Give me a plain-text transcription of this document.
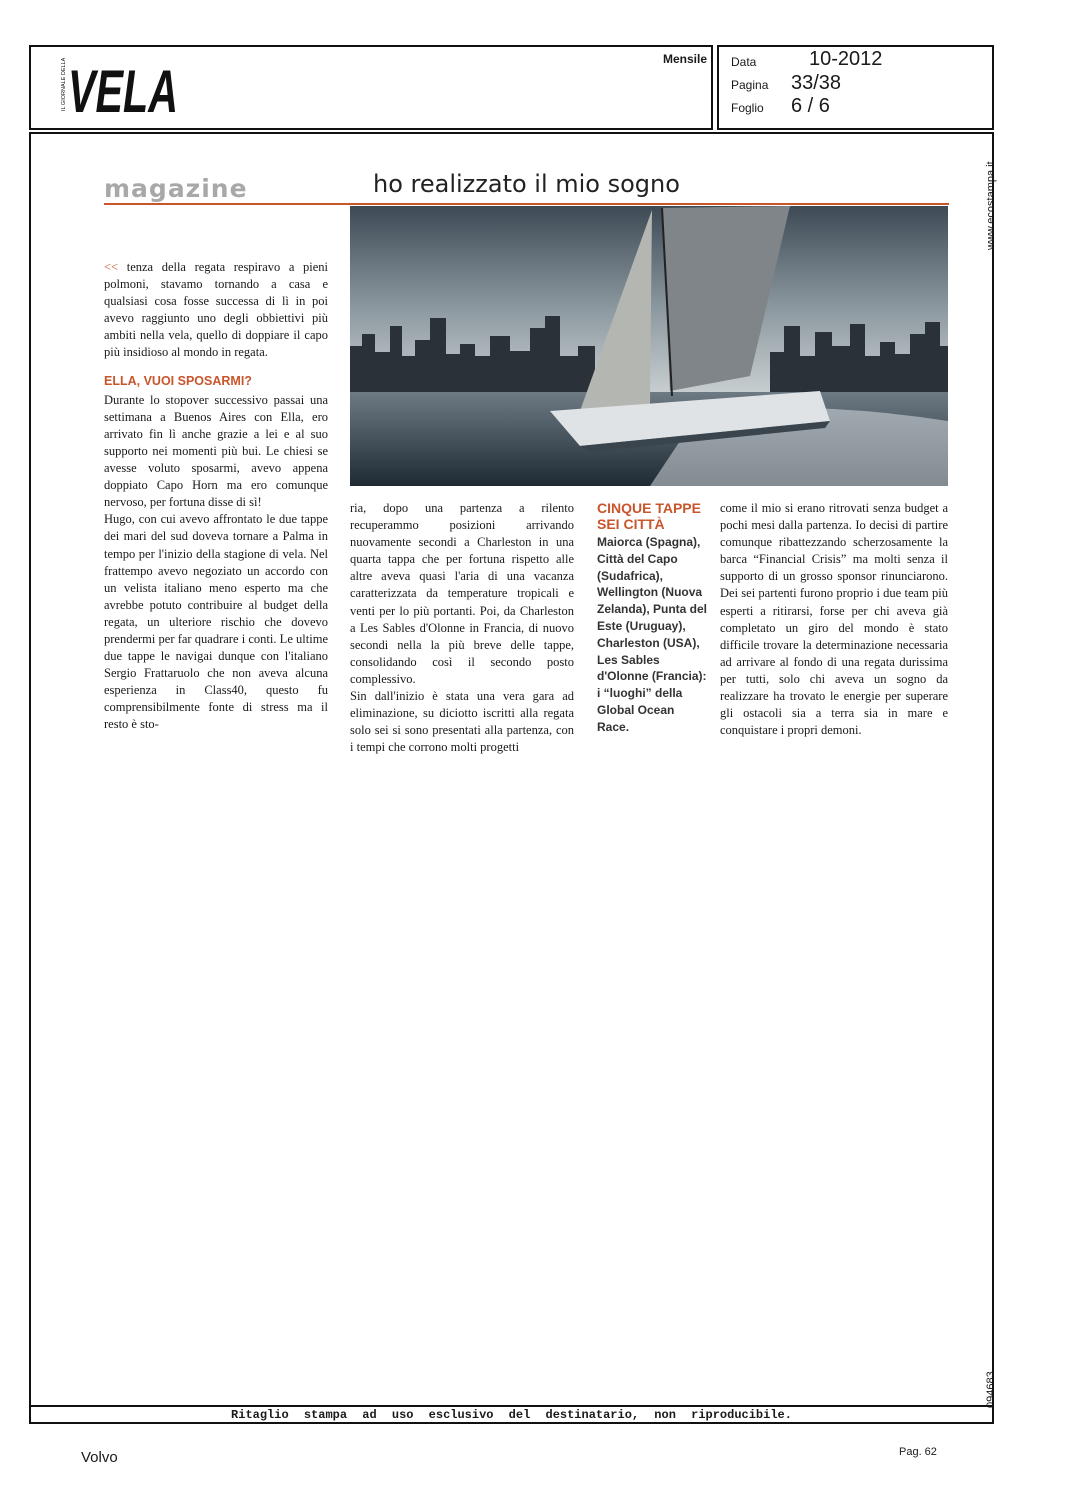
IL GIORNALE DELLA VELA	Mensile Data	10-2012
Pagina 33/38
Foglio 6 / 6
www.ecostampa.it
094683
magazine	ho realizzato il mio sogno

<< tenza della regata respiravo a pieni polmoni, stavamo tornando a casa e qualsiasi cosa fosse successa di lì in poi avevo raggiunto uno degli obbiettivi più ambiti nella vela, quello di doppiare il capo più insidioso al mondo in regata.

ELLA, VUOI SPOSARMI?

Durante lo stopover successivo passai una settimana a Buenos Aires con Ella, ero arrivato fin lì anche grazie a lei e al suo supporto nei momenti più bui. Le chiesi se avesse voluto sposarmi, avevo appena doppiato Capo Horn ma ero comunque nervoso, per fortuna disse di sì!

Hugo, con cui avevo affrontato le due tappe dei mari del sud doveva tornare a Palma in tempo per l'inizio della stagione di vela. Nel frattempo avevo negoziato un accordo con un velista italiano meno esperto ma che avrebbe potuto contribuire al budget della regata, un ulteriore rischio che dovevo prendermi per far quadrare i conti. Le ultime due tappe le navigai dunque con l'italiano Sergio Frattaruolo che non aveva alcuna esperienza in Class40, questo fu comprensibilmente fonte di stress ma il resto è sto-

ria, dopo una partenza a rilento recuperammo posizioni arrivando nuovamente secondi a Charleston in una quarta tappa che per fortuna rispetto alle altre aveva quasi l'aria di una vacanza caratterizzata da temperature tropicali e venti per lo più portanti. Poi, da Charleston a Les Sables d'Olonne in Francia, di nuovo secondi nella la più breve delle tappe, consolidando così il secondo posto complessivo.

Sin dall'inizio è stata una vera gara ad eliminazione, su diciotto iscritti alla regata solo sei si sono presentati alla partenza, con i tempi che corrono molti progetti

CINQUE TAPPE
SEI CITTÀ

Maiorca (Spagna), Città del Capo (Sudafrica), Wellington (Nuova Zelanda), Punta del Este (Uruguay), Charleston (USA), Les Sables d'Olonne (Francia): i “luoghi” della Global Ocean Race.

come il mio si erano ritrovati senza budget a pochi mesi dalla partenza. Io decisi di partire comunque ribattezzando scherzosamente la barca “Financial Crisis” ma molti senza il supporto di un grosso sponsor rinunciarono. Dei sei partenti furono proprio i due team più esperti a ritirarsi, forse per chi aveva già completato un giro del mondo è stato difficile trovare la determinazione necessaria ad arrivare al fondo di una regata durissima per tutti, solo chi aveva un sogno da realizzare ha trovato le energie per superare gli ostacoli sia a terra sia in mare e conquistare i propri demoni.

Ritaglio stampa ad uso esclusivo del destinatario, non riproducibile.
Volvo	Pag. 62
